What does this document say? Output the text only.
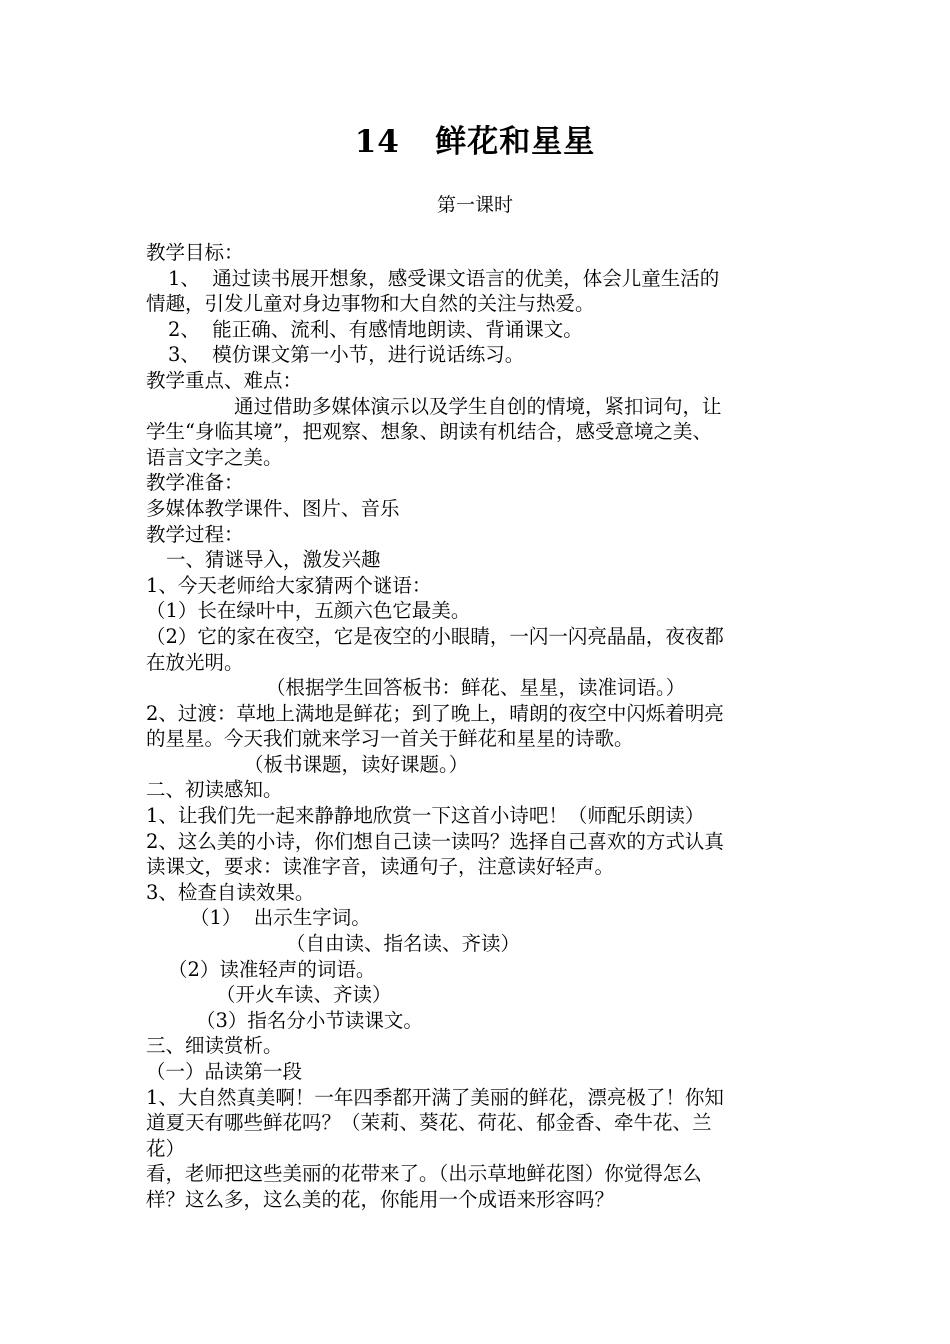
14   鲜花和星星
第一课时
教学目标：
1、  通过读书展开想象，感受课文语言的优美，体会儿童生活的
情趣，引发儿童对身边事物和大自然的关注与热爱。
2、  能正确、流利、有感情地朗读、背诵课文。
3、  模仿课文第一小节，进行说话练习。
教学重点、难点：
通过借助多媒体演示以及学生自创的情境，紧扣词句，让
学生“身临其境”，把观察、想象、朗读有机结合，感受意境之美、
语言文字之美。
教学准备：
多媒体教学课件、图片、音乐
教学过程：
一、猜谜导入，激发兴趣
1、今天老师给大家猜两个谜语：
（1）长在绿叶中，五颜六色它最美。
（2）它的家在夜空，它是夜空的小眼睛，一闪一闪亮晶晶，夜夜都
在放光明。
（根据学生回答板书：鲜花、星星，读准词语。）
2、过渡：草地上满地是鲜花；到了晚上，晴朗的夜空中闪烁着明亮
的星星。今天我们就来学习一首关于鲜花和星星的诗歌。
（板书课题，读好课题。）
二、初读感知。
1、让我们先一起来静静地欣赏一下这首小诗吧！（师配乐朗读）
2、这么美的小诗，你们想自己读一读吗？选择自己喜欢的方式认真
读课文，要求：读准字音，读通句子，注意读好轻声。
3、检查自读效果。
（1）  出示生字词。
（自由读、指名读、齐读）
（2）读准轻声的词语。
（开火车读、齐读）
（3）指名分小节读课文。
三、细读赏析。
（一）品读第一段
1、大自然真美啊！一年四季都开满了美丽的鲜花，漂亮极了！你知
道夏天有哪些鲜花吗？（茉莉、葵花、荷花、郁金香、牵牛花、兰
花）
看，老师把这些美丽的花带来了。（出示草地鲜花图）你觉得怎么
样？这么多，这么美的花，你能用一个成语来形容吗？
